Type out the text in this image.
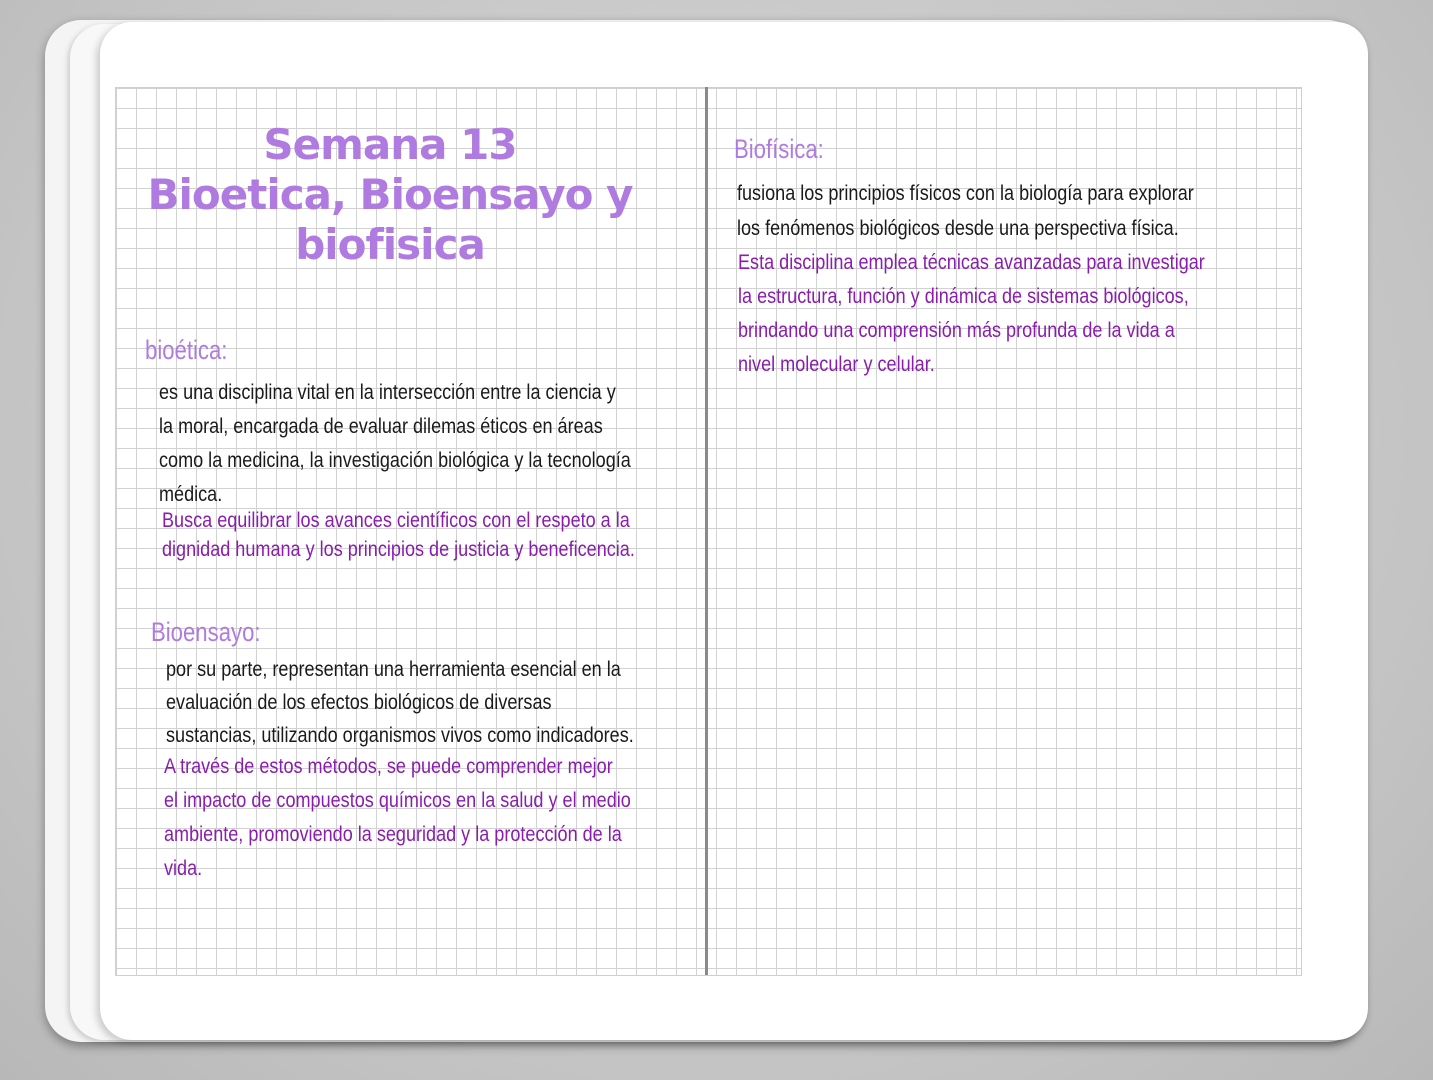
Semana 13
Bioetica, Bioensayo y
biofisica
bioética:
es una disciplina vital en la intersección entre la ciencia y
la moral, encargada de evaluar dilemas éticos en áreas
como la medicina, la investigación biológica y la tecnología
médica.
Busca equilibrar los avances científicos con el respeto a la
dignidad humana y los principios de justicia y beneficencia.
Bioensayo:
por su parte, representan una herramienta esencial en la
evaluación de los efectos biológicos de diversas
sustancias, utilizando organismos vivos como indicadores.
A través de estos métodos, se puede comprender mejor
el impacto de compuestos químicos en la salud y el medio
ambiente, promoviendo la seguridad y la protección de la
vida.
Biofísica:
fusiona los principios físicos con la biología para explorar
los fenómenos biológicos desde una perspectiva física.
Esta disciplina emplea técnicas avanzadas para investigar
la estructura, función y dinámica de sistemas biológicos,
brindando una comprensión más profunda de la vida a
nivel molecular y celular.
